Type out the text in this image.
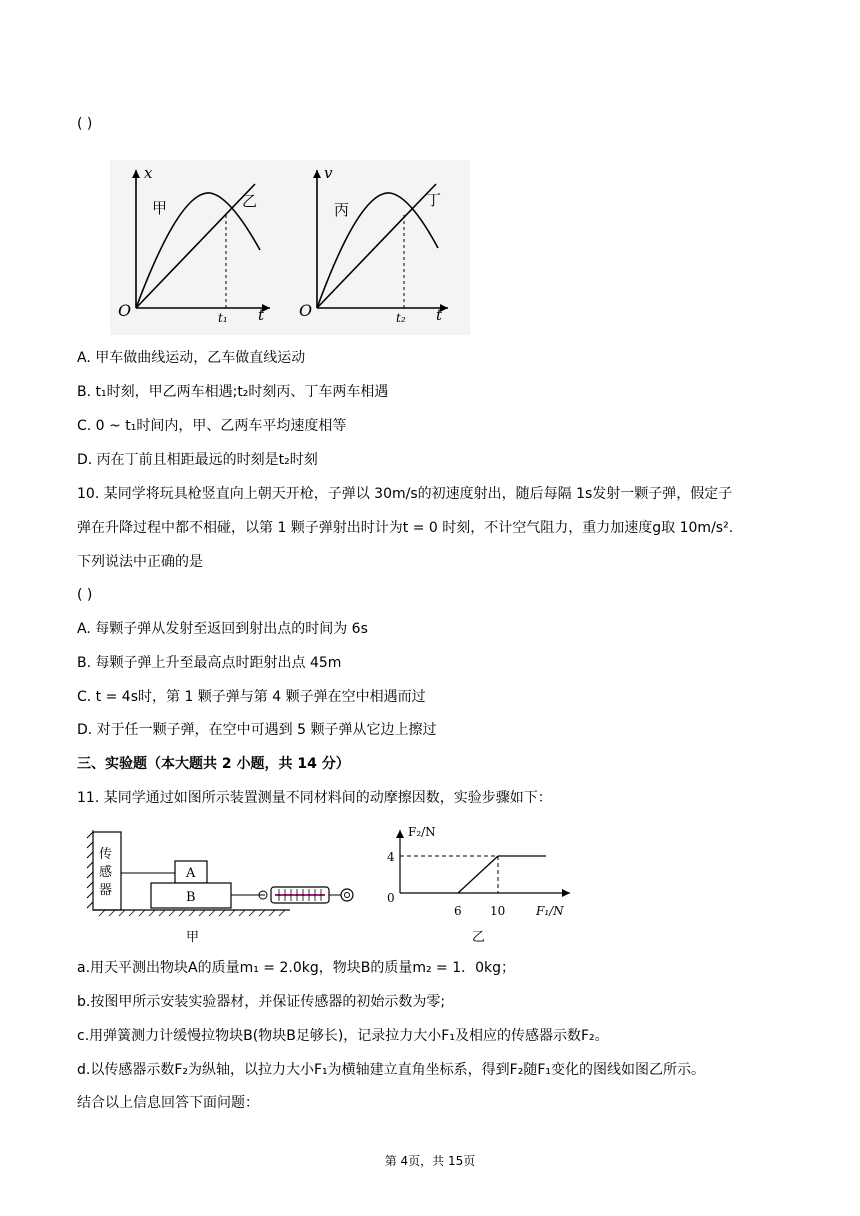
( )
x
t
O
甲	乙
t₁
v
t
O
丙
丁
t₂
A. 甲车做曲线运动，乙车做直线运动
B. t₁时刻，甲乙两车相遇;t₂时刻丙、丁车两车相遇
C. 0 ~ t₁时间内，甲、乙两车平均速度相等
D. 丙在丁前且相距最远的时刻是t₂时刻
10. 某同学将玩具枪竖直向上朝天开枪，子弹以 30m/s的初速度射出，随后每隔 1s发射一颗子弹，假定子
弹在升降过程中都不相碰，以第 1 颗子弹射出时计为t = 0 时刻，不计空气阻力，重力加速度g取 10m/s².
下列说法中正确的是
( )
A. 每颗子弹从发射至返回到射出点的时间为 6s
B. 每颗子弹上升至最高点时距射出点 45m
C. t = 4s时，第 1 颗子弹与第 4 颗子弹在空中相遇而过
D. 对于任一颗子弹，在空中可遇到 5 颗子弹从它边上擦过
三、实验题（本大题共 2 小题，共 14 分）
11. 某同学通过如图所示装置测量不同材料间的动摩擦因数，实验步骤如下：
传
感
器
A
B
甲
F₂/N
4
0
6 10	F₁/N
乙
a.用天平测出物块A的质量m₁ = 2.0kg，物块B的质量m₂ = 1．0kg；
b.按图甲所示安装实验器材，并保证传感器的初始示数为零;
c.用弹簧测力计缓慢拉物块B(物块B足够长)，记录拉力大小F₁及相应的传感器示数F₂。
d.以传感器示数F₂为纵轴，以拉力大小F₁为横轴建立直角坐标系，得到F₂随F₁变化的图线如图乙所示。
结合以上信息回答下面问题：
第 4页，共 15页
